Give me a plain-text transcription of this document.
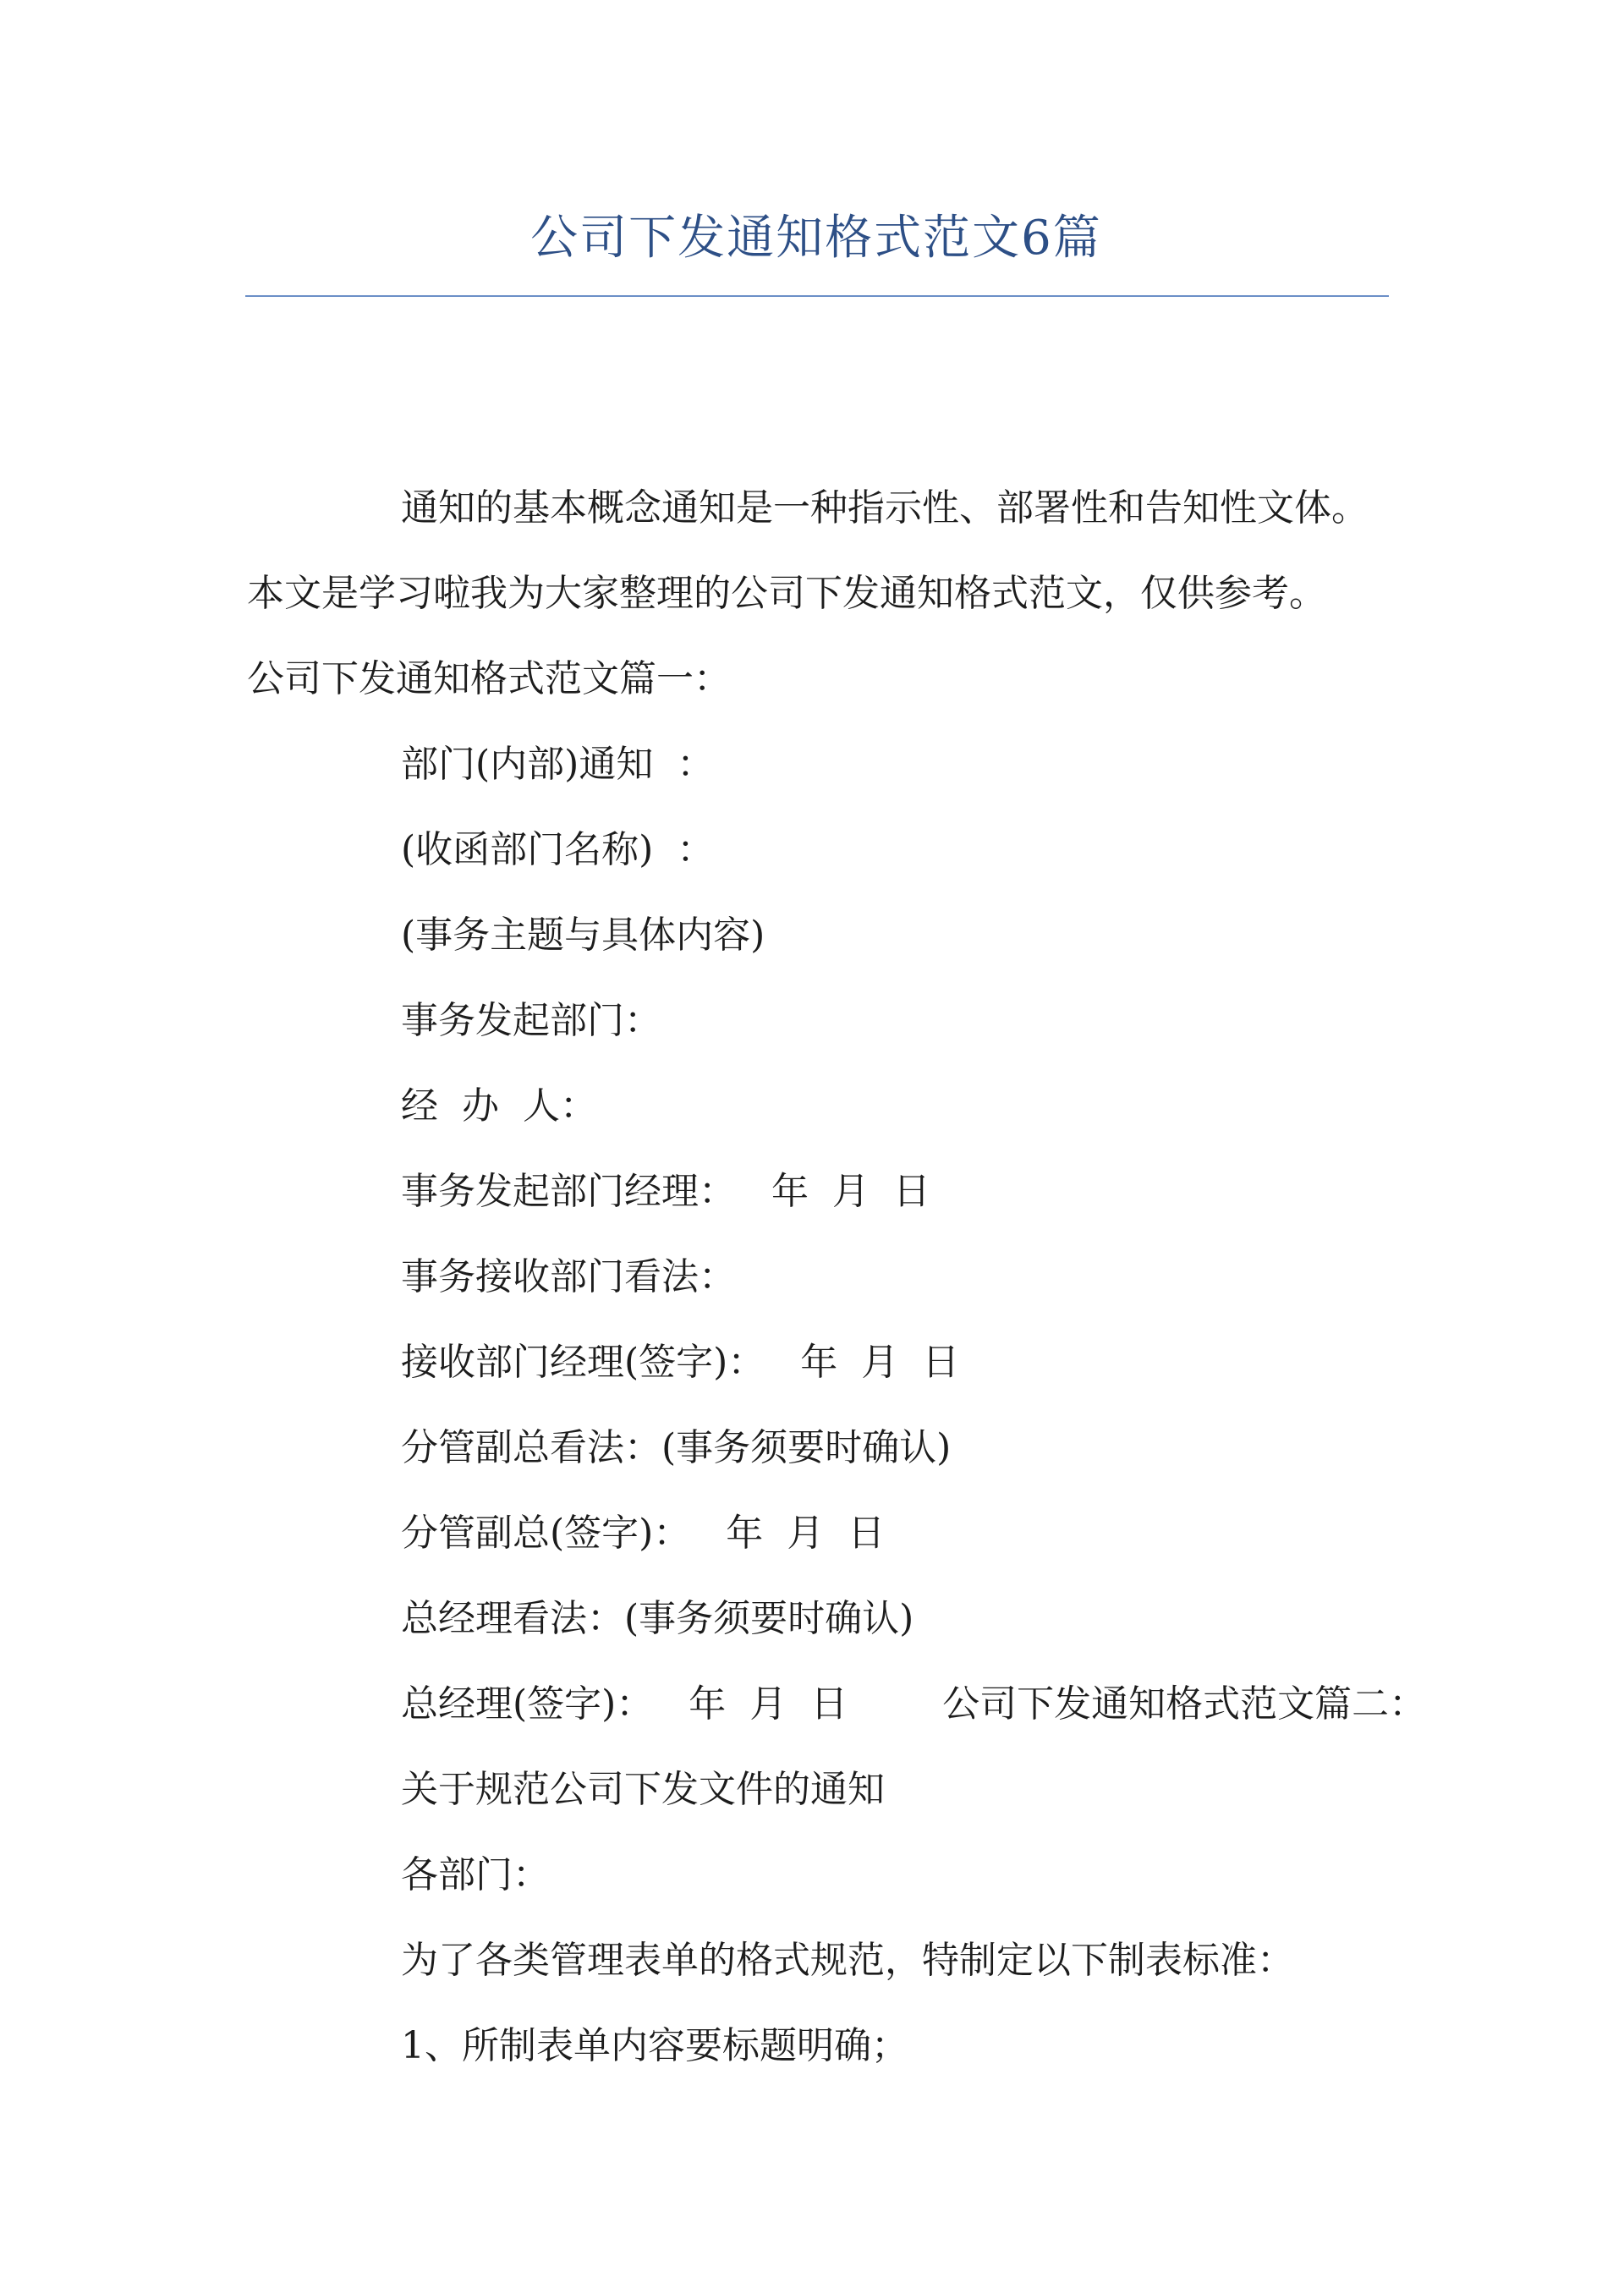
公司下发通知格式范文6篇
通知的基本概念通知是一种指示性、部署性和告知性文体。
本文是学习啦我为大家整理的公司下发通知格式范文，仅供参考。
公司下发通知格式范文篇一：
部门(内部)通知  ：
(收函部门名称)  ：
(事务主题与具体内容)
事务发起部门：
经  办  人：
事务发起部门经理：   年  月  日
事务接收部门看法：
接收部门经理(签字)：   年  月  日
分管副总看法：(事务须要时确认)
分管副总(签字)：   年  月  日
总经理看法：(事务须要时确认)
总经理(签字)：   年  月  日        公司下发通知格式范文篇二：
关于规范公司下发文件的通知
各部门：
为了各类管理表单的格式规范，特制定以下制表标准：
1、所制表单内容要标题明确；
